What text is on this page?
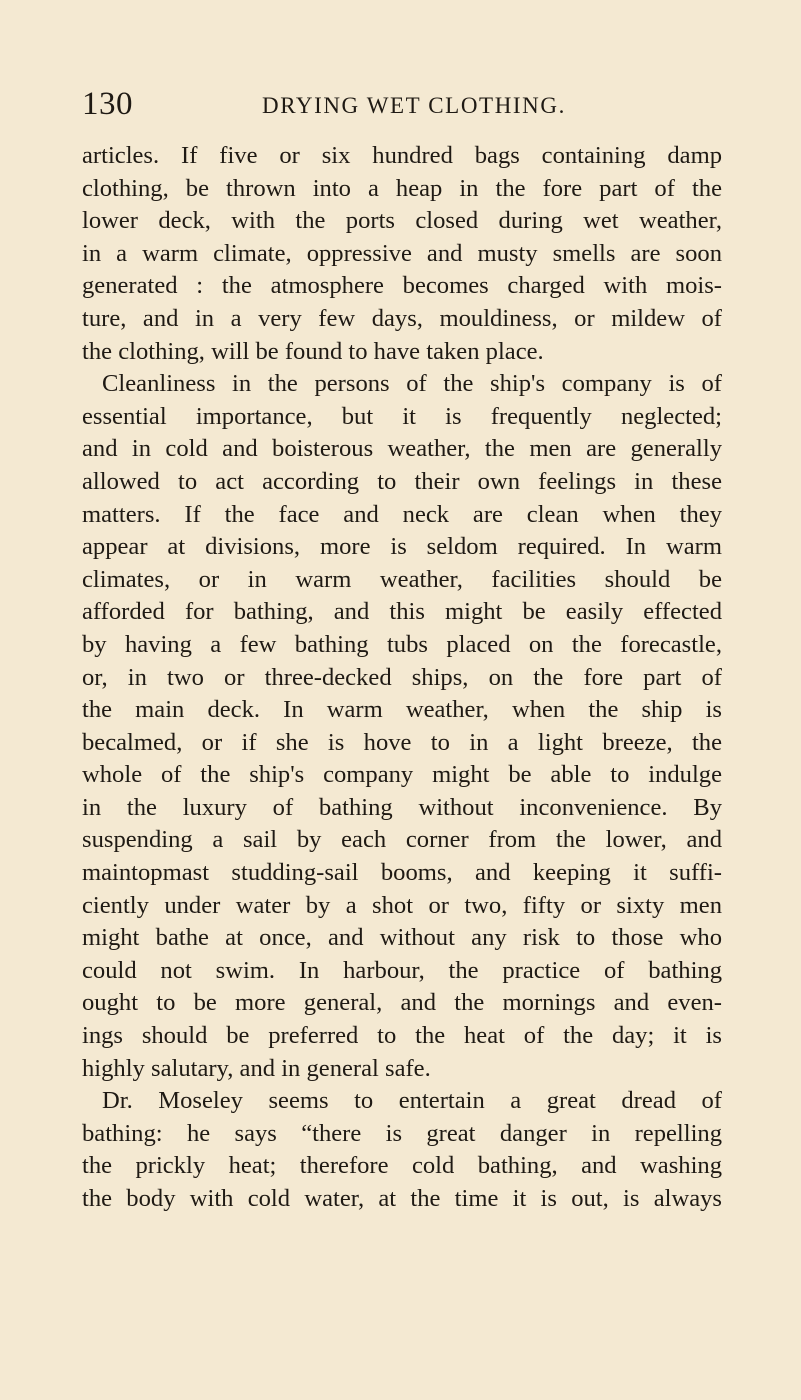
130	DRYING WET CLOTHING.
articles. If five or six hundred bags containing damp
clothing, be thrown into a heap in the fore part of the
lower deck, with the ports closed during wet weather,
in a warm climate, oppressive and musty smells are soon
generated : the atmosphere becomes charged with mois-
ture, and in a very few days, mouldiness, or mildew of
the clothing, will be found to have taken place.
Cleanliness in the persons of the ship's company is of
essential importance, but it is frequently neglected;
and in cold and boisterous weather, the men are generally
allowed to act according to their own feelings in these
matters. If the face and neck are clean when they
appear at divisions, more is seldom required. In warm
climates, or in warm weather, facilities should be
afforded for bathing, and this might be easily effected
by having a few bathing tubs placed on the forecastle,
or, in two or three-decked ships, on the fore part of
the main deck. In warm weather, when the ship is
becalmed, or if she is hove to in a light breeze, the
whole of the ship's company might be able to indulge
in the luxury of bathing without inconvenience. By
suspending a sail by each corner from the lower, and
maintopmast studding-sail booms, and keeping it suffi-
ciently under water by a shot or two, fifty or sixty men
might bathe at once, and without any risk to those who
could not swim. In harbour, the practice of bathing
ought to be more general, and the mornings and even-
ings should be preferred to the heat of the day; it is
highly salutary, and in general safe.
Dr. Moseley seems to entertain a great dread of
bathing: he says “there is great danger in repelling
the prickly heat; therefore cold bathing, and washing
the body with cold water, at the time it is out, is always
